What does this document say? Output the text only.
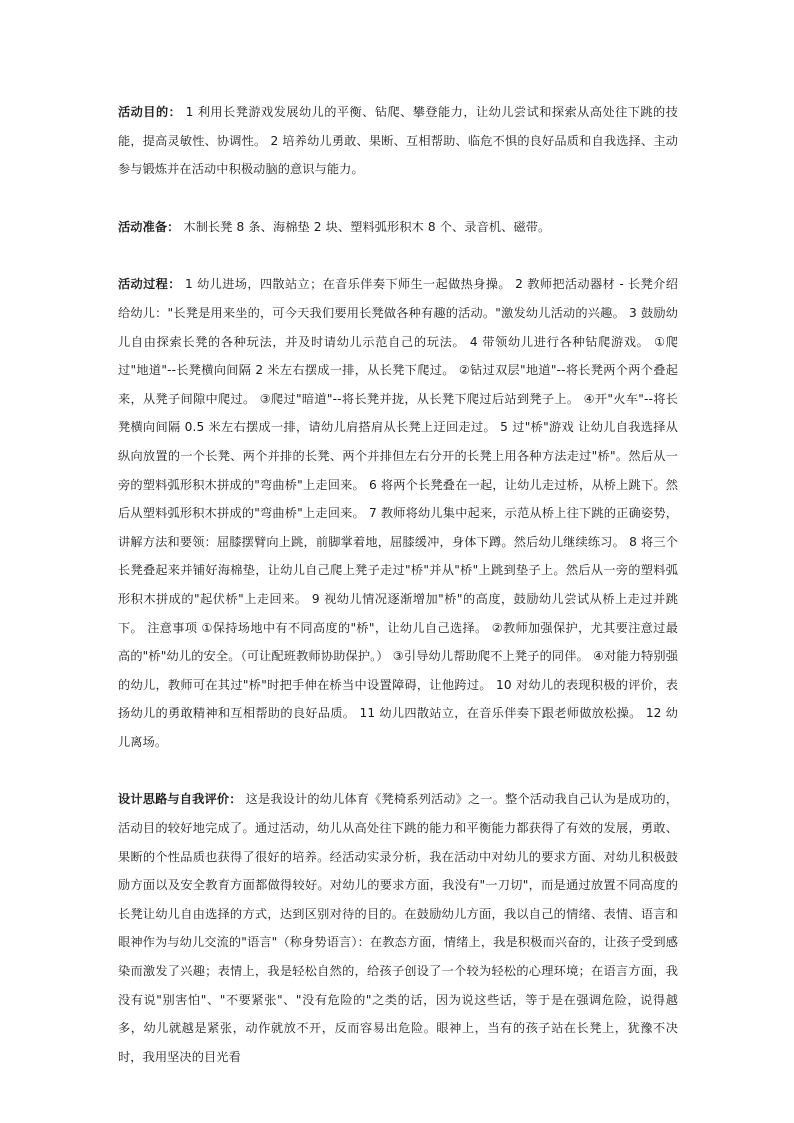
活动目的： 1 利用长凳游戏发展幼儿的平衡、钻爬、攀登能力，让幼儿尝试和探索从高处往下跳的技能，提高灵敏性、协调性。 2 培养幼儿勇敢、果断、互相帮助、临危不惧的良好品质和自我选择、主动参与锻炼并在活动中积极动脑的意识与能力。

活动准备： 木制长凳 8 条、海棉垫 2 块、塑料弧形积木 8 个、录音机、磁带。

活动过程： 1 幼儿进场，四散站立；在音乐伴奏下师生一起做热身操。 2 教师把活动器材 - 长凳介绍给幼儿："长凳是用来坐的，可今天我们要用长凳做各种有趣的活动。"激发幼儿活动的兴趣。 3 鼓励幼儿自由探索长凳的各种玩法，并及时请幼儿示范自己的玩法。 4 带领幼儿进行各种钻爬游戏。 ①爬过"地道"--长凳横向间隔 2 米左右摆成一排，从长凳下爬过。 ②钻过双层"地道"--将长凳两个两个叠起来，从凳子间隙中爬过。 ③爬过"暗道"--将长凳并拢，从长凳下爬过后站到凳子上。 ④开"火车"--将长凳横向间隔 0.5 米左右摆成一排，请幼儿肩搭肩从长凳上迂回走过。 5 过"桥"游戏 让幼儿自我选择从纵向放置的一个长凳、两个并排的长凳、两个并排但左右分开的长凳上用各种方法走过"桥"。然后从一旁的塑料弧形积木拼成的"弯曲桥"上走回来。 6 将两个长凳叠在一起，让幼儿走过桥，从桥上跳下。然后从塑料弧形积木拼成的"弯曲桥"上走回来。 7 教师将幼儿集中起来，示范从桥上往下跳的正确姿势，讲解方法和要领：屈膝摆臂向上跳，前脚掌着地，屈膝缓冲，身体下蹲。然后幼儿继续练习。 8 将三个长凳叠起来并铺好海棉垫，让幼儿自己爬上凳子走过"桥"并从"桥"上跳到垫子上。然后从一旁的塑料弧形积木拼成的"起伏桥"上走回来。 9 视幼儿情况逐渐增加"桥"的高度，鼓励幼儿尝试从桥上走过并跳下。 注意事项 ①保持场地中有不同高度的"桥"，让幼儿自己选择。 ②教师加强保护，尤其要注意过最高的"桥"幼儿的安全。（可让配班教师协助保护。） ③引导幼儿帮助爬不上凳子的同伴。 ④对能力特别强的幼儿，教师可在其过"桥"时把手伸在桥当中设置障碍，让他跨过。 10 对幼儿的表现积极的评价，表扬幼儿的勇敢精神和互相帮助的良好品质。 11 幼儿四散站立，在音乐伴奏下跟老师做放松操。 12 幼儿离场。

设计思路与自我评价： 这是我设计的幼儿体育《凳椅系列活动》之一。整个活动我自己认为是成功的，活动目的较好地完成了。通过活动，幼儿从高处往下跳的能力和平衡能力都获得了有效的发展，勇敢、果断的个性品质也获得了很好的培养。经活动实录分析，我在活动中对幼儿的要求方面、对幼儿积极鼓励方面以及安全教育方面都做得较好。对幼儿的要求方面，我没有"一刀切"，而是通过放置不同高度的长凳让幼儿自由选择的方式，达到区别对待的目的。在鼓励幼儿方面，我以自己的情绪、表情、语言和眼神作为与幼儿交流的"语言"（称身势语言）：在教态方面，情绪上，我是积极而兴奋的，让孩子受到感染而激发了兴趣；表情上，我是轻松自然的，给孩子创设了一个较为轻松的心理环境；在语言方面，我没有说"别害怕"、"不要紧张"、"没有危险的"之类的话，因为说这些话，等于是在强调危险，说得越多，幼儿就越是紧张，动作就放不开，反而容易出危险。眼神上，当有的孩子站在长凳上，犹豫不决时，我用坚决的目光看
